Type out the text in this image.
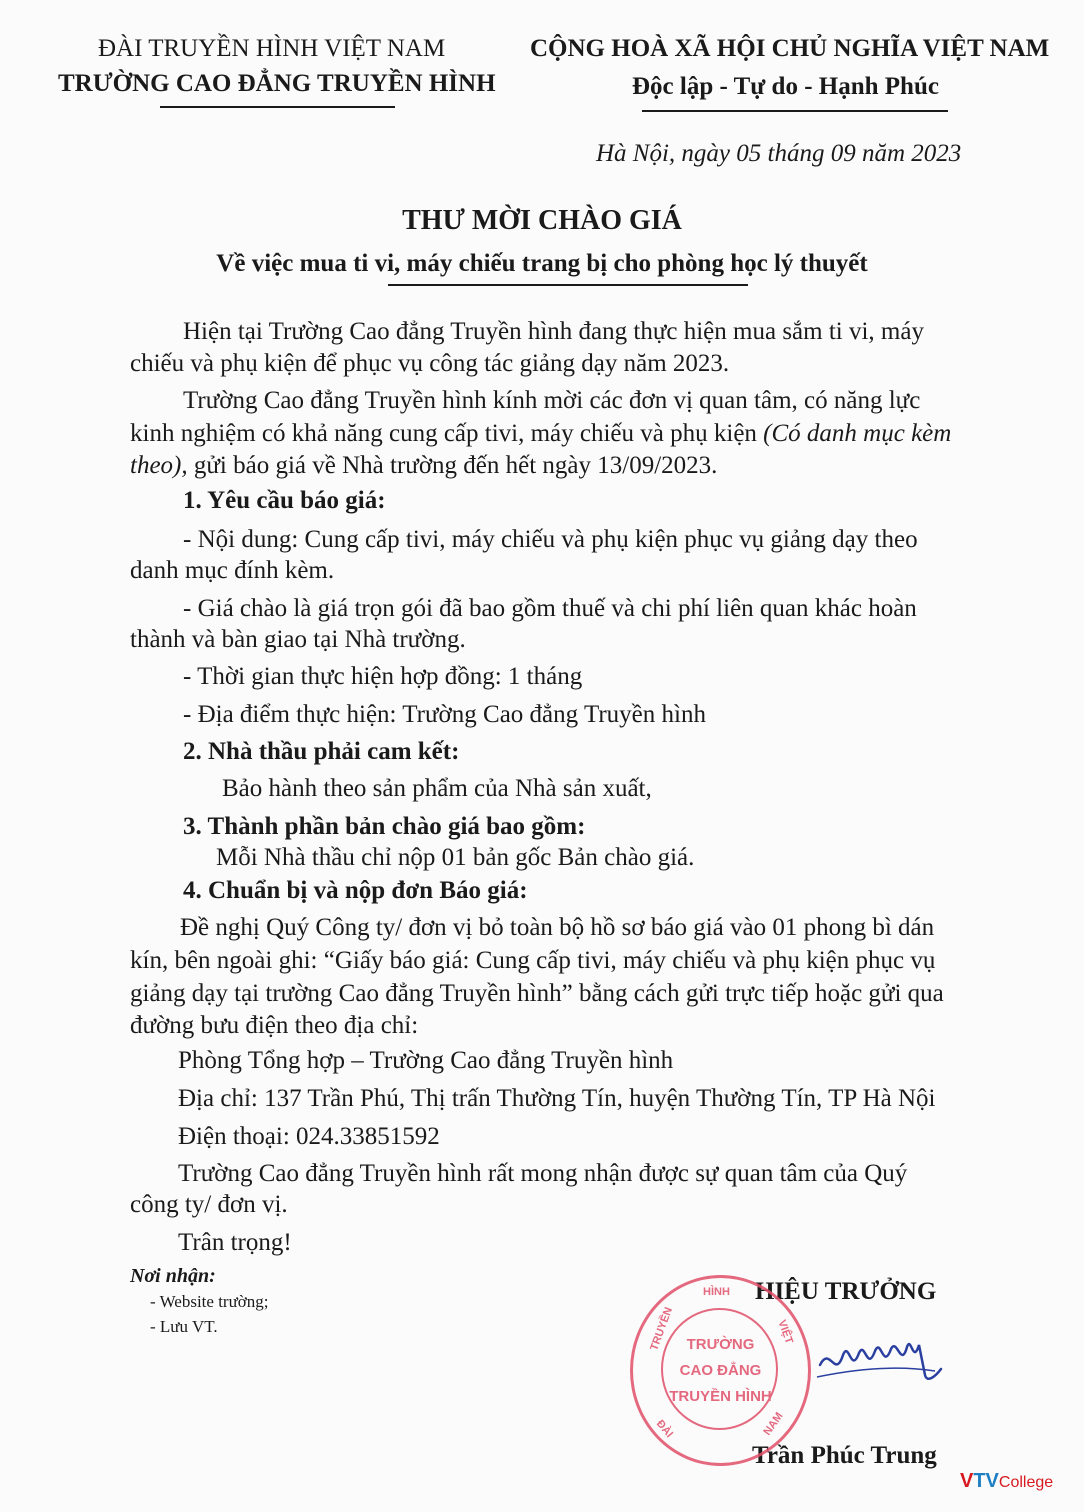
ĐÀI TRUYỀN HÌNH VIỆT NAM
TRƯỜNG CAO ĐẲNG TRUYỀN HÌNH
CỘNG HOÀ XÃ HỘI CHỦ NGHĨA VIỆT NAM
Độc lập - Tự do - Hạnh Phúc
Hà Nội, ngày 05 tháng 09 năm 2023
THƯ MỜI CHÀO GIÁ
Về việc mua ti vi, máy chiếu trang bị cho phòng học lý thuyết
Hiện tại Trường Cao đẳng Truyền hình đang thực hiện mua sắm ti vi, máy
chiếu và phụ kiện để phục vụ công tác giảng dạy năm 2023.
Trường Cao đẳng Truyền hình kính mời các đơn vị quan tâm, có năng lực
kinh nghiệm có khả năng cung cấp tivi, máy chiếu và phụ kiện (Có danh mục kèm
theo), gửi báo giá về Nhà trường đến hết ngày 13/09/2023.
1. Yêu cầu báo giá:
- Nội dung: Cung cấp tivi, máy chiếu và phụ kiện phục vụ giảng dạy theo
danh mục đính kèm.
- Giá chào là giá trọn gói đã bao gồm thuế và chi phí liên quan khác hoàn
thành và bàn giao tại Nhà trường.
- Thời gian thực hiện hợp đồng: 1 tháng
- Địa điểm thực hiện: Trường Cao đẳng Truyền hình
2. Nhà thầu phải cam kết:
Bảo hành theo sản phẩm của Nhà sản xuất,
3. Thành phần bản chào giá bao gồm:
Mỗi Nhà thầu chỉ nộp 01 bản gốc Bản chào giá.
4. Chuẩn bị và nộp đơn Báo giá:
Đề nghị Quý Công ty/ đơn vị bỏ toàn bộ hồ sơ báo giá vào 01 phong bì dán
kín, bên ngoài ghi: “Giấy báo giá: Cung cấp tivi, máy chiếu và phụ kiện phục vụ
giảng dạy tại trường Cao đẳng Truyền hình” bằng cách gửi trực tiếp hoặc gửi qua
đường bưu điện theo địa chỉ:
Phòng Tổng hợp – Trường Cao đẳng Truyền hình
Địa chỉ: 137 Trần Phú, Thị trấn Thường Tín, huyện Thường Tín, TP Hà Nội
Điện thoại: 024.33851592
Trường Cao đẳng Truyền hình rất mong nhận được sự quan tâm của Quý
công ty/ đơn vị.
Trân trọng!
Nơi nhận:
- Website trường;
- Lưu VT.
HIỆU TRƯỞNG
Trần Phúc Trung
HÌNH
TRUYỀN	VIỆT
ĐÀI	NAM
TRƯỜNG
CAO ĐẲNG
TRUYỀN HÌNH
VTVCollege
